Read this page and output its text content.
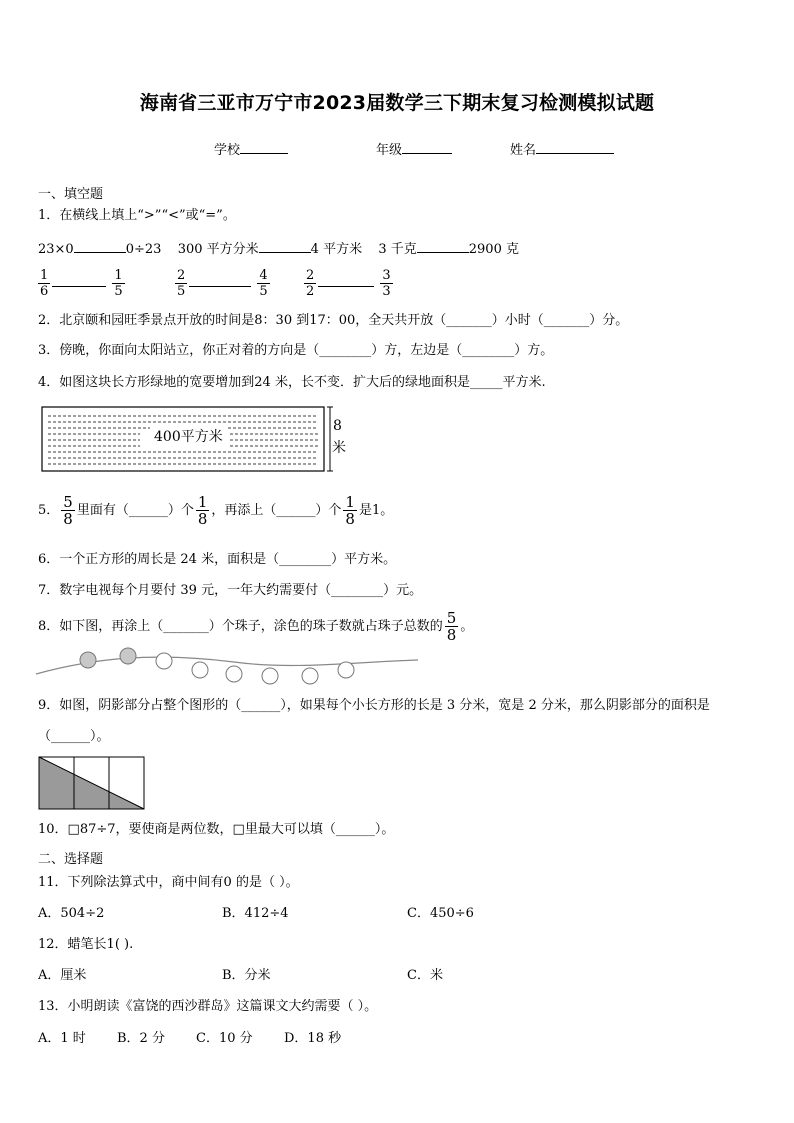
海南省三亚市万宁市2023届数学三下期末复习检测模拟试题
学校	年级	姓名
一、填空题
1．在横线上填上“>”“<”或“=”。
23×0	0÷23 300 平方分米	4 平方米 3 千克	2900 克
$\frac{1}{6}$
	$\frac{1}{5}$
	$\frac{2}{5}$
	$\frac{4}{5}$
	$\frac{2}{2}$
	$\frac{3}{3}$
2．北京颐和园旺季景点开放的时间是8：30 到17：00，全天共开放（_______）小时（_______）分。
3．傍晚，你面向太阳站立，你正对着的方向是（________）方，左边是（________）方。
4．如图这块长方形绿地的宽要增加到24 米，长不变．扩大后的绿地面积是_____平方米.
400平方米
8
米
5． $\frac{5}{8}$ 里面有（______）个 $\frac{1}{8}$ ，再添上（______）个 $\frac{1}{8}$ 是1。
6．一个正方形的周长是 24 米，面积是（________）平方米。
7．数字电视每个月要付 39 元，一年大约需要付（________）元。
8．如下图，再涂上（_______）个珠子，涂色的珠子数就占珠子总数的 $\frac{5}{8}$ 。
9．如图，阴影部分占整个图形的（______），如果每个小长方形的长是 3 分米，宽是 2 分米，那么阴影部分的面积是
（______）。
10．□87÷7，要使商是两位数，□里最大可以填（______）。
二、选择题
11．下列除法算式中，商中间有0 的是（ ）。
A．504÷2	B．412÷4	C．450÷6
12．蜡笔长1( ).
A．厘米	B．分米	C．米
13．小明朗读《富饶的西沙群岛》这篇课文大约需要（ ）。
A．1 时 B．2 分 C．10 分 D．18 秒
